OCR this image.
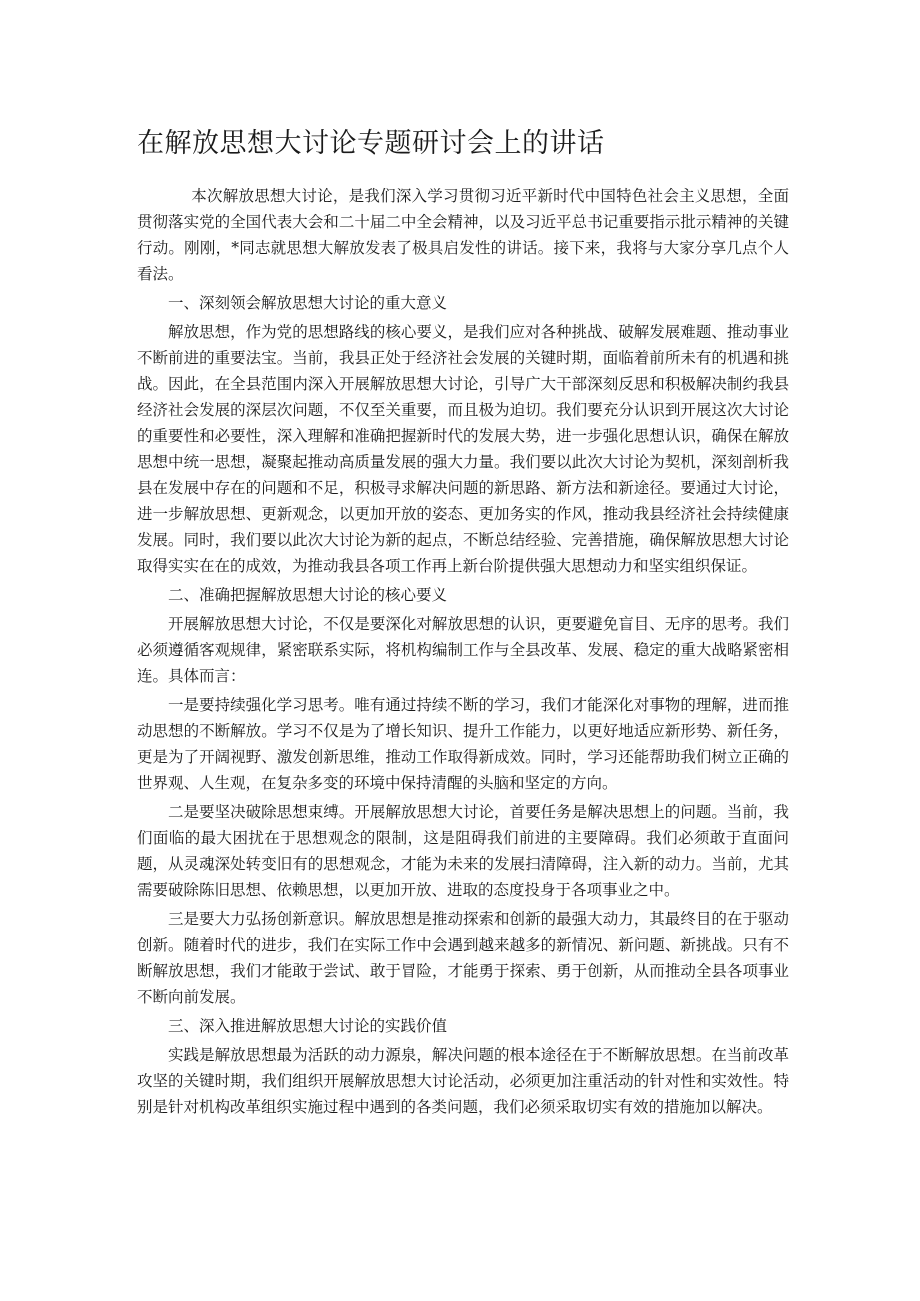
在解放思想大讨论专题研讨会上的讲话

本次解放思想大讨论，是我们深入学习贯彻习近平新时代中国特色社会主义思想，全面贯彻落实党的全国代表大会和二十届二中全会精神，以及习近平总书记重要指示批示精神的关键行动。刚刚，*同志就思想大解放发表了极具启发性的讲话。接下来，我将与大家分享几点个人看法。

一、深刻领会解放思想大讨论的重大意义

解放思想，作为党的思想路线的核心要义，是我们应对各种挑战、破解发展难题、推动事业不断前进的重要法宝。当前，我县正处于经济社会发展的关键时期，面临着前所未有的机遇和挑战。因此，在全县范围内深入开展解放思想大讨论，引导广大干部深刻反思和积极解决制约我县经济社会发展的深层次问题，不仅至关重要，而且极为迫切。我们要充分认识到开展这次大讨论的重要性和必要性，深入理解和准确把握新时代的发展大势，进一步强化思想认识，确保在解放思想中统一思想，凝聚起推动高质量发展的强大力量。我们要以此次大讨论为契机，深刻剖析我县在发展中存在的问题和不足，积极寻求解决问题的新思路、新方法和新途径。要通过大讨论，进一步解放思想、更新观念，以更加开放的姿态、更加务实的作风，推动我县经济社会持续健康发展。同时，我们要以此次大讨论为新的起点，不断总结经验、完善措施，确保解放思想大讨论取得实实在在的成效，为推动我县各项工作再上新台阶提供强大思想动力和坚实组织保证。

二、准确把握解放思想大讨论的核心要义

开展解放思想大讨论，不仅是要深化对解放思想的认识，更要避免盲目、无序的思考。我们必须遵循客观规律，紧密联系实际，将机构编制工作与全县改革、发展、稳定的重大战略紧密相连。具体而言：

一是要持续强化学习思考。唯有通过持续不断的学习，我们才能深化对事物的理解，进而推动思想的不断解放。学习不仅是为了增长知识、提升工作能力，以更好地适应新形势、新任务，更是为了开阔视野、激发创新思维，推动工作取得新成效。同时，学习还能帮助我们树立正确的世界观、人生观，在复杂多变的环境中保持清醒的头脑和坚定的方向。

二是要坚决破除思想束缚。开展解放思想大讨论，首要任务是解决思想上的问题。当前，我们面临的最大困扰在于思想观念的限制，这是阻碍我们前进的主要障碍。我们必须敢于直面问题，从灵魂深处转变旧有的思想观念，才能为未来的发展扫清障碍，注入新的动力。当前，尤其需要破除陈旧思想、依赖思想，以更加开放、进取的态度投身于各项事业之中。

三是要大力弘扬创新意识。解放思想是推动探索和创新的最强大动力，其最终目的在于驱动创新。随着时代的进步，我们在实际工作中会遇到越来越多的新情况、新问题、新挑战。只有不断解放思想，我们才能敢于尝试、敢于冒险，才能勇于探索、勇于创新，从而推动全县各项事业不断向前发展。

三、深入推进解放思想大讨论的实践价值

实践是解放思想最为活跃的动力源泉，解决问题的根本途径在于不断解放思想。在当前改革攻坚的关键时期，我们组织开展解放思想大讨论活动，必须更加注重活动的针对性和实效性。特别是针对机构改革组织实施过程中遇到的各类问题，我们必须采取切实有效的措施加以解决。
